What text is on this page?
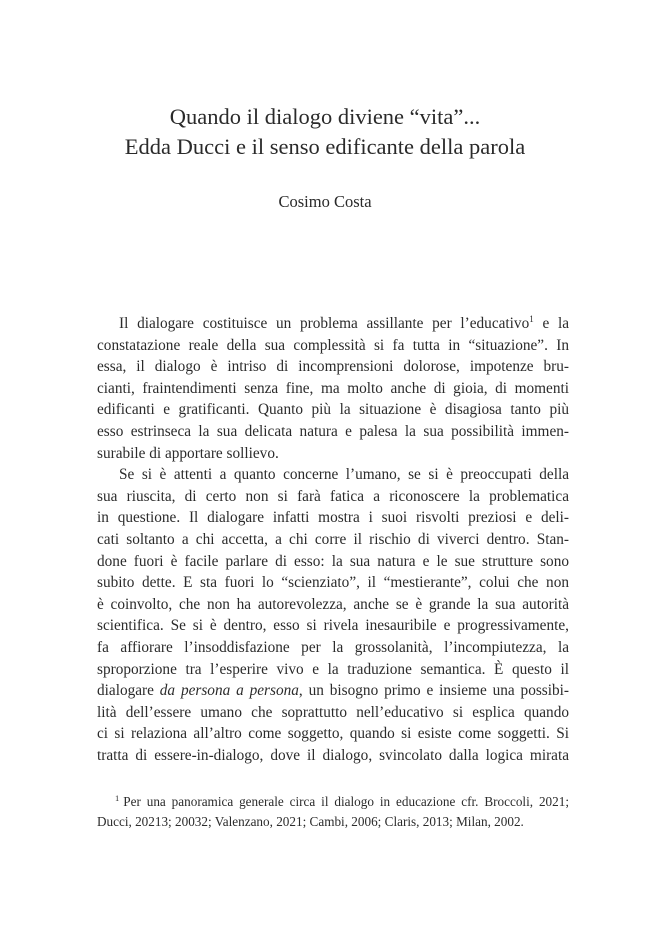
Quando il dialogo diviene “vita”...
Edda Ducci e il senso edificante della parola
Cosimo Costa
Il dialogare costituisce un problema assillante per l’educativo$^1$ e la
constatazione reale della sua complessità si fa tutta in “situazione”. In
essa, il dialogo è intriso di incomprensioni dolorose, impotenze bru-
cianti, fraintendimenti senza fine, ma molto anche di gioia, di momenti
edificanti e gratificanti. Quanto più la situazione è disagiosa tanto più
esso estrinseca la sua delicata natura e palesa la sua possibilità immen-
surabile di apportare sollievo.
Se si è attenti a quanto concerne l’umano, se si è preoccupati della
sua riuscita, di certo non si farà fatica a riconoscere la problematica
in questione. Il dialogare infatti mostra i suoi risvolti preziosi e deli-
cati soltanto a chi accetta, a chi corre il rischio di viverci dentro. Stan-
done fuori è facile parlare di esso: la sua natura e le sue strutture sono
subito dette. E sta fuori lo “scienziato”, il “mestierante”, colui che non
è coinvolto, che non ha autorevolezza, anche se è grande la sua autorità
scientifica. Se si è dentro, esso si rivela inesauribile e progressivamente,
fa affiorare l’insoddisfazione per la grossolanità, l’incompiutezza, la
sproporzione tra l’esperire vivo e la traduzione semantica. È questo il
dialogare da persona a persona, un bisogno primo e insieme una possibi-
lità dell’essere umano che soprattutto nell’educativo si esplica quando
ci si relaziona all’altro come soggetto, quando si esiste come soggetti. Si
tratta di essere-in-dialogo, dove il dialogo, svincolato dalla logica mirata
$^1$ Per una panoramica generale circa il dialogo in educazione cfr. Broccoli, 2021;
Ducci, 20213; 20032; Valenzano, 2021; Cambi, 2006; Claris, 2013; Milan, 2002.
